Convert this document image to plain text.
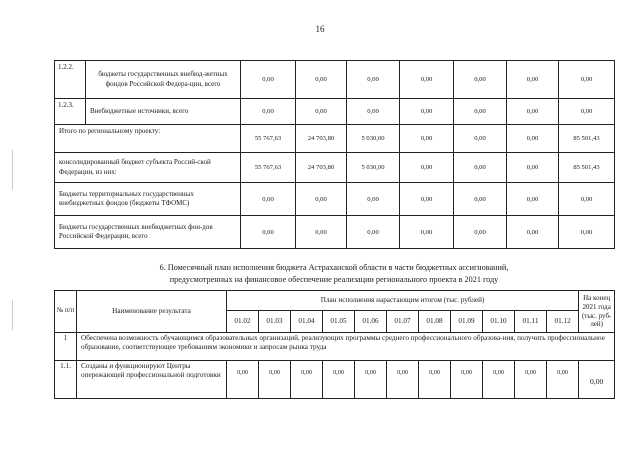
16
1.2.2.	бюджеты государственных внебюд-жетных фондов Российской Федера-ции, всего	0,00	0,00	0,00	0,00	0,00	0,00	0,00
1.2.3.	Внебюджетные источники, всего	0,00	0,00	0,00	0,00	0,00	0,00	0,00
Итого по региональному проекту:		55 767,63	24 703,80	5 030,00	0,00	0,00	0,00	85 501,43
консолидированный бюджет субъекта Россий-ской Федерации, из них:		55 767,63	24 703,80	5 030,00	0,00	0,00	0,00	85 501,43
Бюджеты территориальных государственных внебюджетных фондов (бюджеты ТФОМС)		0,00	0,00	0,00	0,00	0,00	0,00	0,00
Бюджеты государственных внебюджетных фон-дов Российской Федерации, всего		0,00	0,00	0,00	0,00	0,00	0,00	0,00
6. Помесячный план исполнения бюджета Астраханской области в части бюджетных ассигнований,
предусмотренных на финансовое обеспечение реализации регионального проекта в 2021 году
№ п/п	Наименование результата	План исполнения нарастающим итогом (тыс. рублей)											На конец 2021 года (тыс. руб-лей)
		01.02	01.03	01.04	01.05	01.06	01.07	01.08	01.09	01.10	01.11	01.12	
1	Обеспечена возможность обучающимся образовательных организаций, реализующих программы среднего профессионального образова-ния, получить профессиональное образование, соответствующее требованиям экономики и запросам рынка труда												
1.1.	Созданы и функционируют Центры опережающей профессиональной подготовки	0,00	0,00	0,00	0,00	0,00	0,00	0,00	0,00	0,00	0,00	0,00	0,00
